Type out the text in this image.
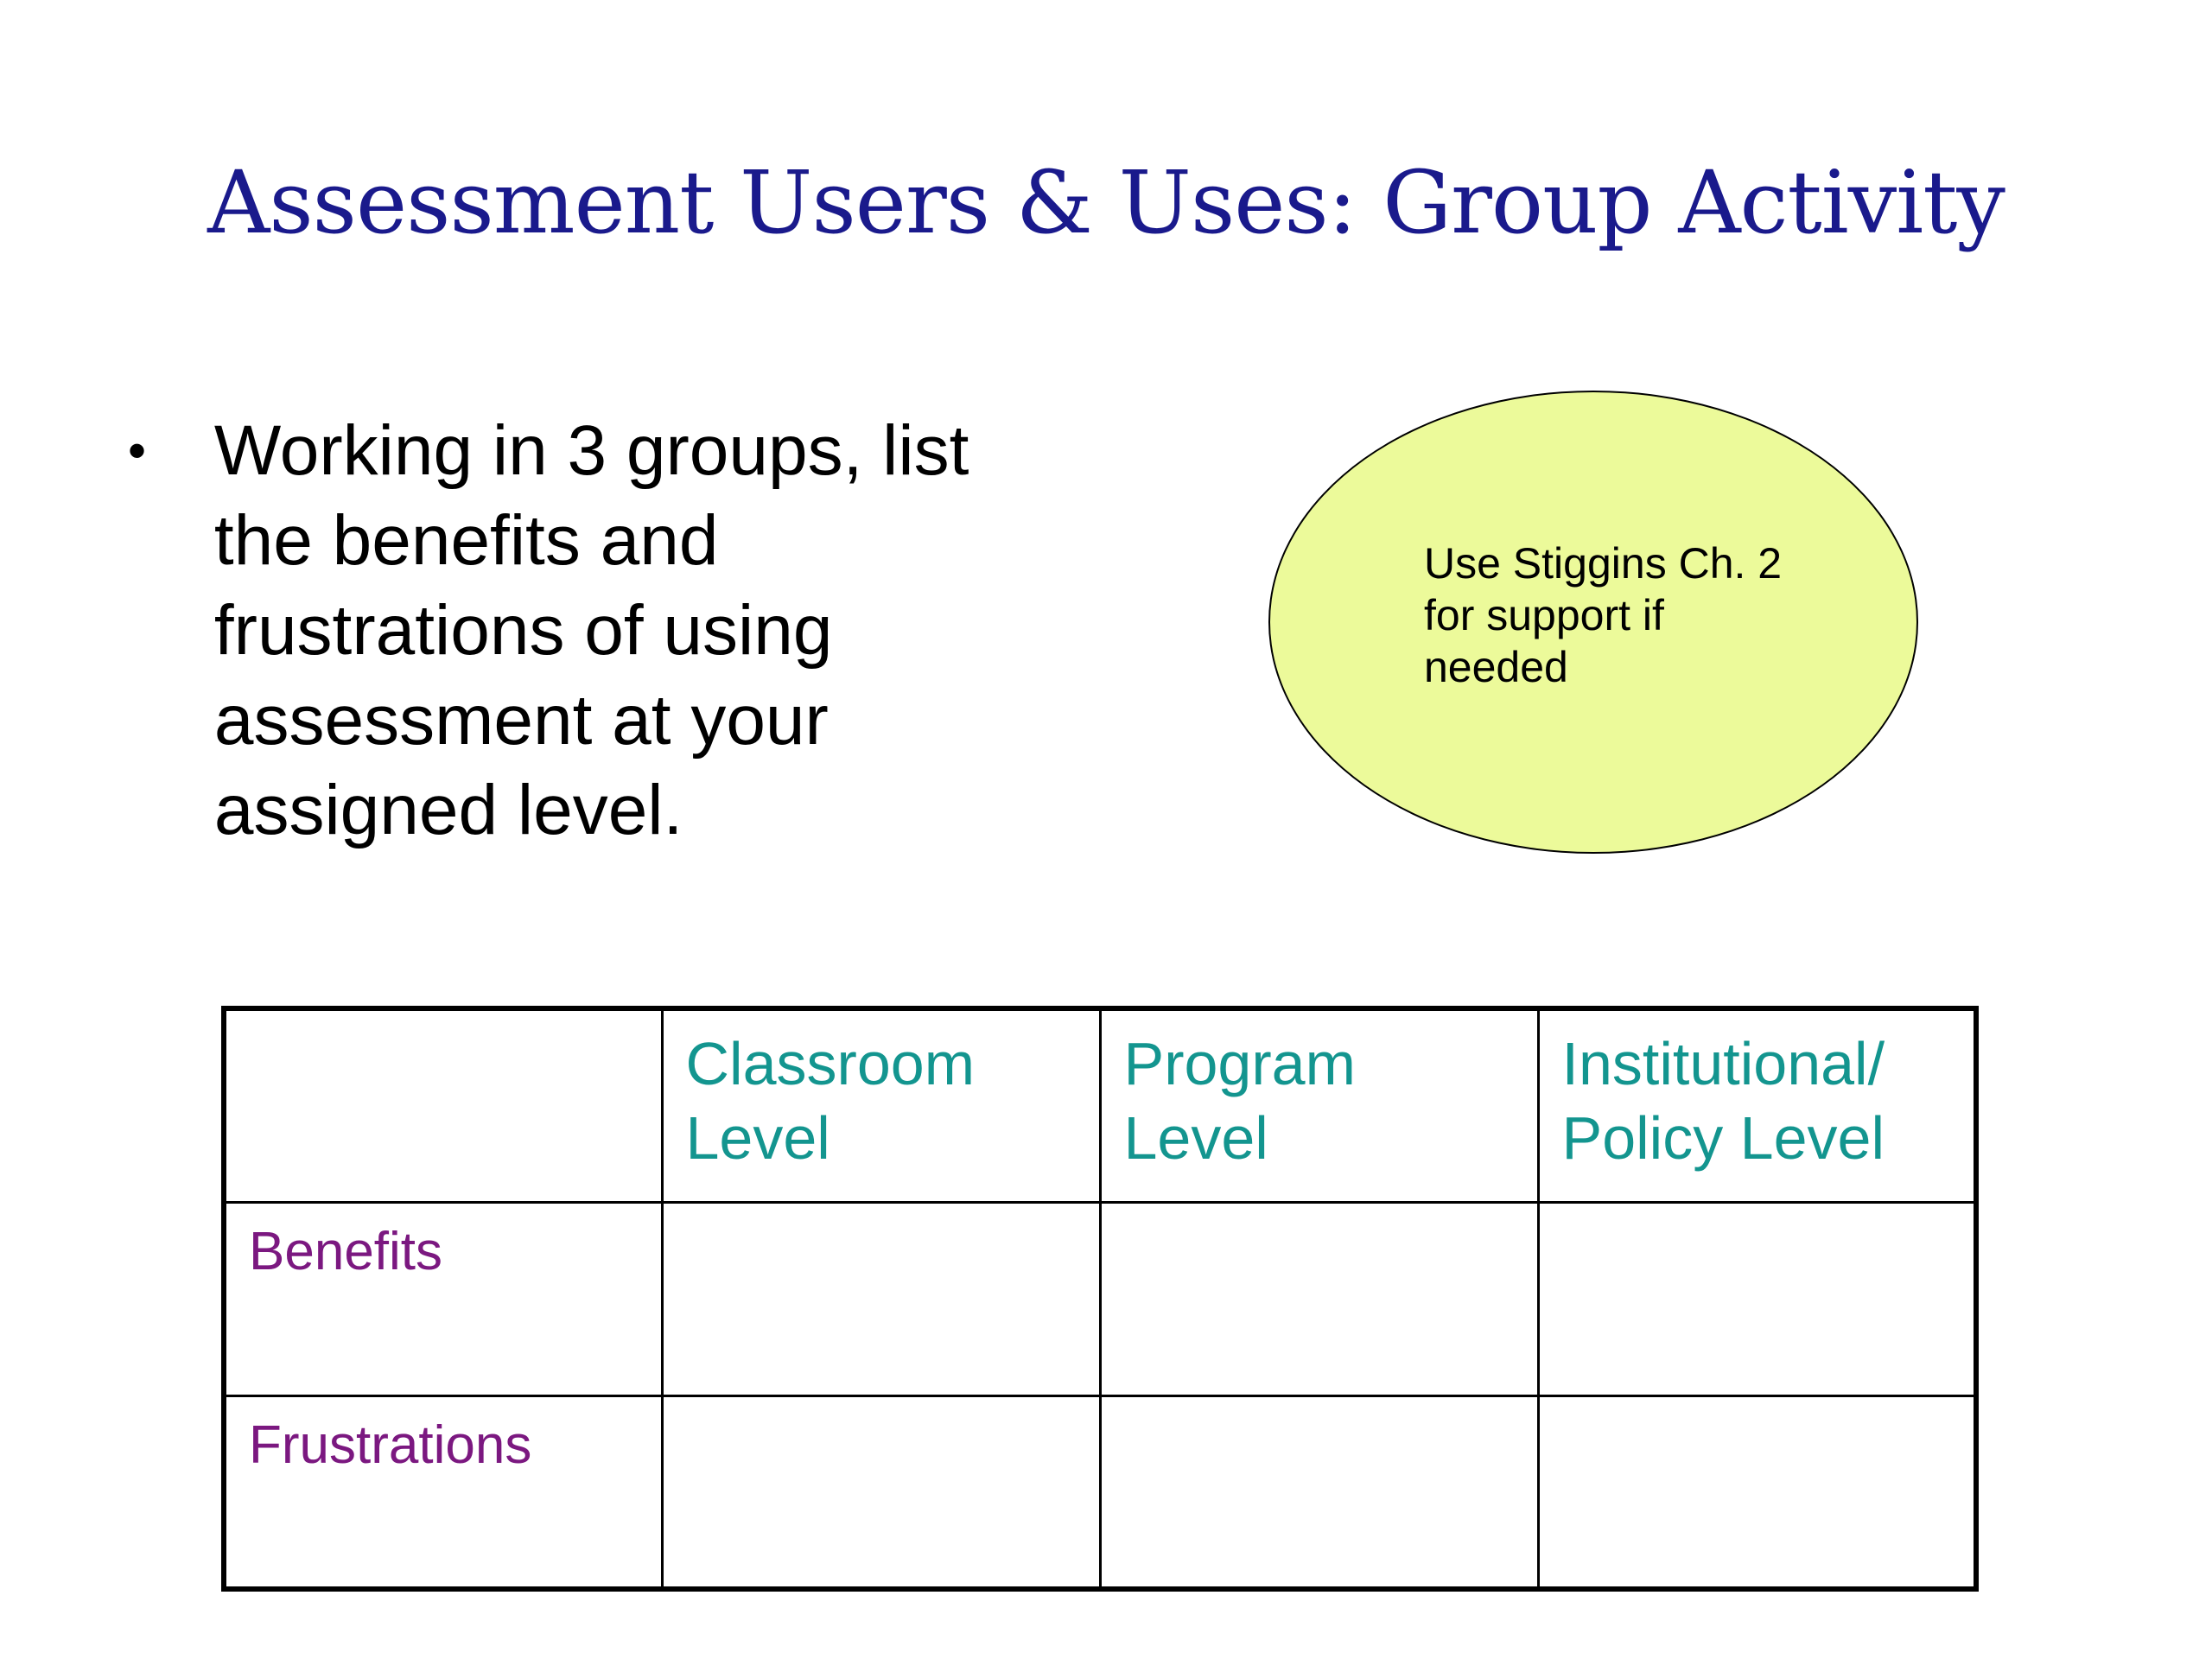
Assessment Users & Uses: Group Activity
• Working in 3 groups, list the benefits and frustrations of using assessment at your assigned level.
Use Stiggins Ch. 2 for support if needed
	Classroom Level	Program Level	Institutional/ Policy Level
Benefits			
Frustrations			
